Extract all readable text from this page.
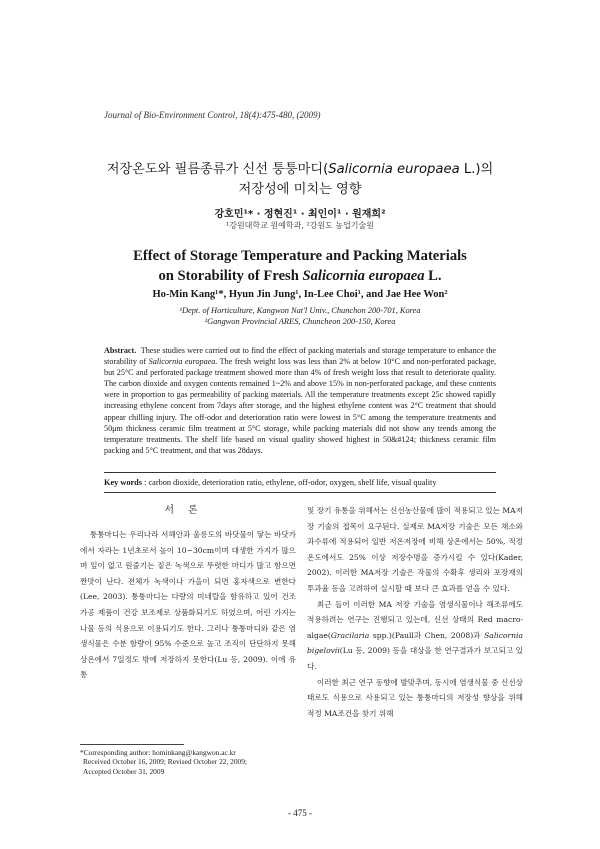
Journal of Bio-Environment Control, 18(4):475-480, (2009)
저장온도와 필름종류가 신선 퉁퉁마디(Salicornia europaea L.)의
저장성에 미치는 영향
강호민¹* · 정현진¹ · 최인이¹ · 원재희²
¹강원대학교 원예학과, ²강원도 농업기술원
Effect of Storage Temperature and Packing Materials
on Storability of Fresh Salicornia europaea L.
Ho-Min Kang¹*, Hyun Jin Jung¹, In-Lee Choi¹, and Jae Hee Won²
¹Dept. of Horticulture, Kangwon Nat'l Univ., Chunchon 200-701, Korea
²Gangwon Provincial ARES, Chuncheon 200-150, Korea
Abstract. These studies were carried out to find the effect of packing materials and storage temperature to enhance the storability of Salicornia europaea. The fresh weight loss was less than 2% at below 10°C and non-perforated package, but 25°C and perforated package treatment showed more than 4% of fresh weight loss that result to deteriorate quality. The carbon dioxide and oxygen contents remained 1~2% and above 15% in non-perforated package, and these contents were in proportion to gas permeability of packing materials. All the temperature treatments except 25c showed rapidly increasing ethylene concent from 7days after storage, and the highest ethylene content was 2°C treatment that should appear chilling injury. The off-odor and deterioration ratio were lowest in 5°C among the temperature treatments and 50μm thickness ceramic film treatment at 5°C storage, while packing materials did not show any trends among the temperature treatments. The shelf life based on visual quality showed highest in 50&#124; thickness ceramic film packing and 5°C treatment, and that was 28days.
Key words : carbon dioxide, deterioration ratio, ethylene, off-odor, oxygen, shelf life, visual quality
서론

퉁퉁마디는 우리나라 서해안과 울릉도의 바닷물이 닿는 바닷가에서 자라는 1년초로서 높이 10~30cm이며 대생한 가지가 많으며 잎이 없고 원줄기는 짙은 녹색으로 뚜렷한 마디가 많고 함으면 짠맛이 난다. 전체가 녹색이나 가을이 되면 홍자색으로 변한다(Lee, 2003). 퉁퉁마디는 다량의 미네랄을 함유하고 있어 건조 가공 제품이 건강 보조제로 상품화되기도 하였으며, 어린 가지는 나물 등의 식용으로 이용되기도 한다. 그러나 퉁퉁마디와 같은 염생식물은 수분 함량이 95% 수준으로 높고 조직이 단단하지 못해 상온에서 7일정도 밖에 저장하지 못한다(Lu 등, 2009). 이에 유통

및 장기 유통을 위해서는 신선농산물에 많이 적용되고 있는 MA저장 기술의 접목이 요구된다. 실제로 MA저장 기술은 모든 채소와 과수류에 적용되어 일반 저온저장에 비해 상온에서는 50%, 적정온도에서도 25% 이상 저장수명을 증가시킬 수 있다(Kader, 2002). 이러한 MA저장 기술은 작물의 수확후 생리와 포장재의 투과율 등을 고려하여 실시할 때 보다 큰 효과를 얻을 수 있다.

최근 들어 이러한 MA 저장 기술을 염생식물이나 해조류에도 적용하려는 연구는 진행되고 있는데, 신선 상태의 Red macro-algae(Gracilaria spp.)(Paull과 Chen, 2008)과 Salicornia bigelovii(Lu 등, 2009) 등을 대상을 한 연구결과가 보고되고 있다.

이러한 최근 연구 동향에 발맞추며, 동시에 염생식물 중 신선상태로도 식용으로 사용되고 있는 퉁퉁마디의 저장성 향상을 위해 적정 MA조건을 찾기 위해

*Corresponding author: hominkang@kangwon.ac.kr
Received October 16, 2009; Revised October 22, 2009;
Accepted October 31, 2009
- 475 -
